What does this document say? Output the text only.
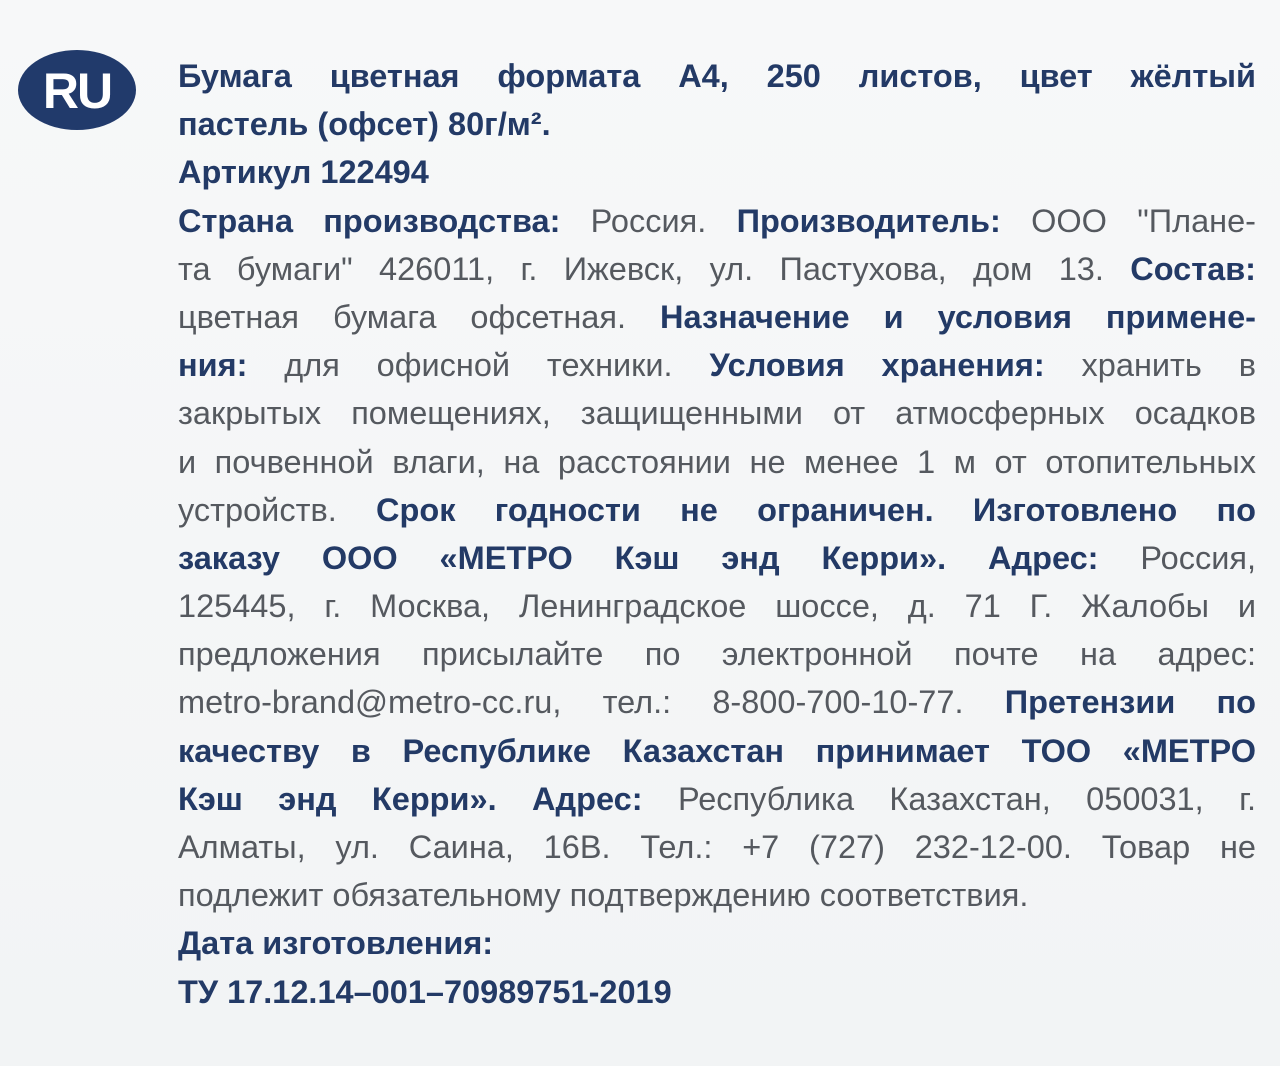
RU Бумага цветная формата А4, 250 листов, цвет жёлтый
пастель (офсет) 80г/м².
Артикул 122494
Страна производства: Россия. Производитель: ООО "Плане-
та бумаги" 426011, г. Ижевск, ул. Пастухова, дом 13. Состав:
цветная бумага офсетная. Назначение и условия примене-
ния: для офисной техники. Условия хранения: хранить в
закрытых помещениях, защищенными от атмосферных осадков
и почвенной влаги, на расстоянии не менее 1 м от отопительных
устройств. Срок годности не ограничен. Изготовлено по
заказу ООО «МЕТРО Кэш энд Керри». Адрес: Россия,
125445, г. Москва, Ленинградское шоссе, д. 71 Г. Жалобы и
предложения присылайте по электронной почте на адрес:
metro-brand@metro-cc.ru, тел.: 8-800-700-10-77. Претензии по
качеству в Республике Казахстан принимает ТОО «МЕТРО
Кэш энд Керри». Адрес: Республика Казахстан, 050031, г.
Алматы, ул. Саина, 16В. Тел.: +7 (727) 232-12-00. Товар не
подлежит обязательному подтверждению соответствия.
Дата изготовления:
ТУ 17.12.14–001–70989751-2019
